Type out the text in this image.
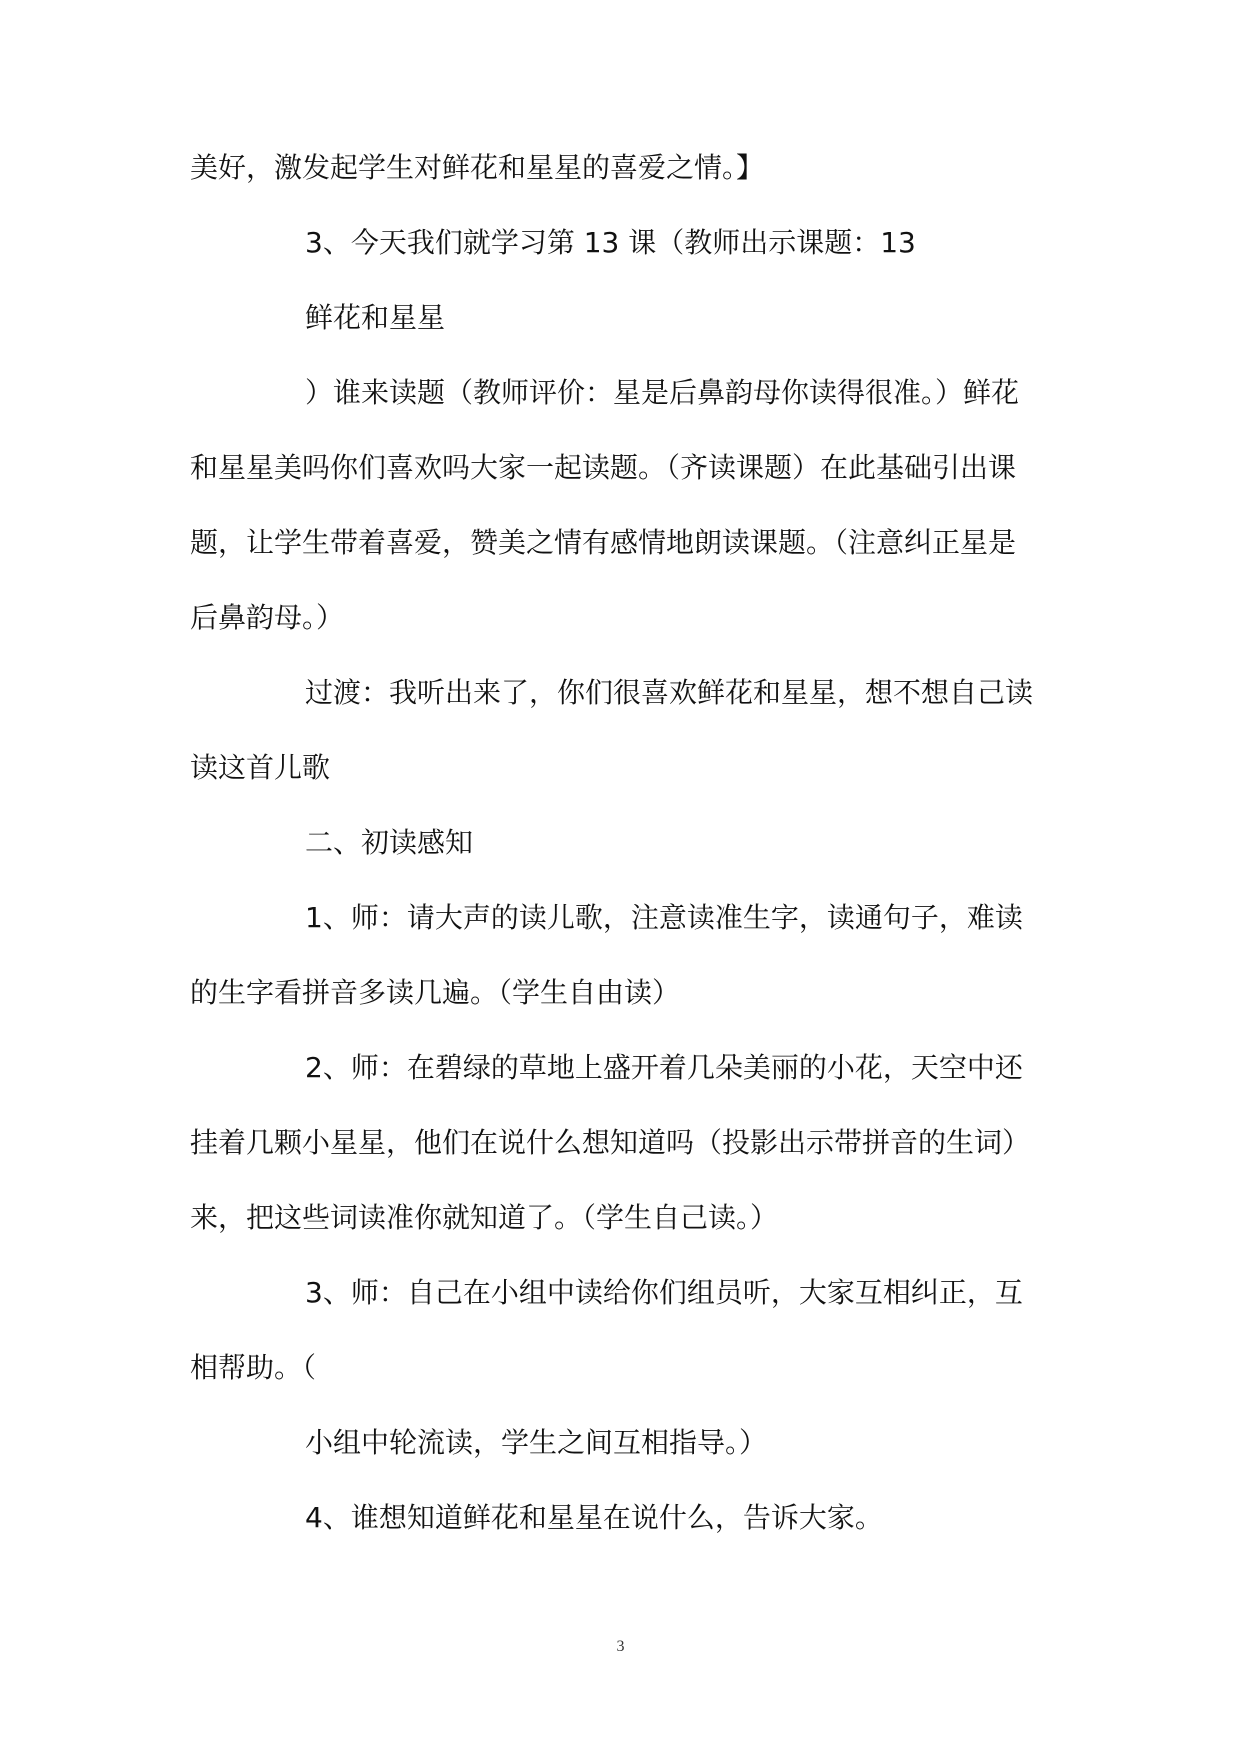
美好，激发起学生对鲜花和星星的喜爱之情。】
3、今天我们就学习第 13 课（教师出示课题：13
鲜花和星星
）谁来读题（教师评价：星是后鼻韵母你读得很准。）鲜花
和星星美吗你们喜欢吗大家一起读题。（齐读课题）在此基础引出课
题，让学生带着喜爱，赞美之情有感情地朗读课题。（注意纠正星是
后鼻韵母。）
过渡：我听出来了，你们很喜欢鲜花和星星，想不想自己读
读这首儿歌
二、初读感知
1、师：请大声的读儿歌，注意读准生字，读通句子，难读
的生字看拼音多读几遍。（学生自由读）
2、师：在碧绿的草地上盛开着几朵美丽的小花，天空中还
挂着几颗小星星，他们在说什么想知道吗（投影出示带拼音的生词）
来，把这些词读准你就知道了。（学生自己读。）
3、师：自己在小组中读给你们组员听，大家互相纠正，互
相帮助。（
小组中轮流读，学生之间互相指导。）
4、谁想知道鲜花和星星在说什么，告诉大家。
3
